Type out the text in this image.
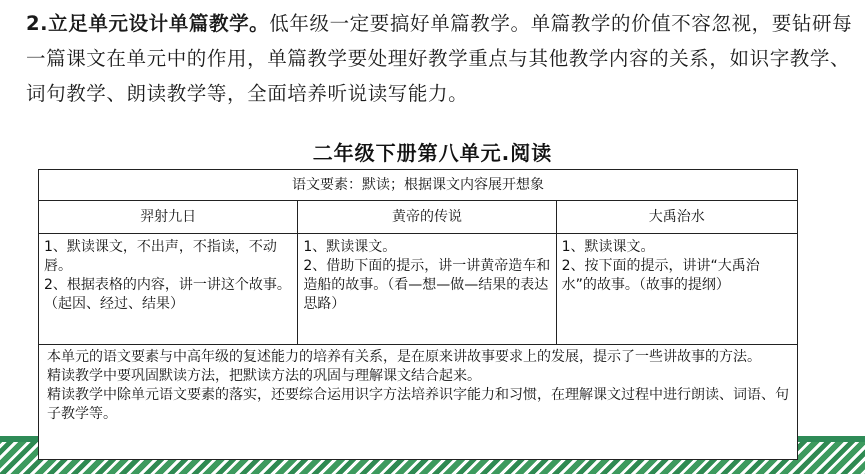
2.立足单元设计单篇教学。低年级一定要搞好单篇教学。单篇教学的价值不容忽视，要钻研每一篇课文在单元中的作用，单篇教学要处理好教学重点与其他教学内容的关系，如识字教学、词句教学、朗读教学等，全面培养听说读写能力。
二年级下册第八单元.阅读
语文要素：默读；根据课文内容展开想象
羿射九日	黄帝的传说	大禹治水
1、默读课文，不出声，不指读，不动唇。
2、根据表格的内容，讲一讲这个故事。（起因、经过、结果）
1、默读课文。
2、借助下面的提示，讲一讲黄帝造车和造船的故事。（看—想—做—结果的表达思路）
1、默读课文。
2、按下面的提示，讲讲“大禹治水”的故事。（故事的提纲）
本单元的语文要素与中高年级的复述能力的培养有关系，是在原来讲故事要求上的发展，提示了一些讲故事的方法。
精读教学中要巩固默读方法，把默读方法的巩固与理解课文结合起来。
精读教学中除单元语文要素的落实，还要综合运用识字方法培养识字能力和习惯，在理解课文过程中进行朗读、词语、句子教学等。
